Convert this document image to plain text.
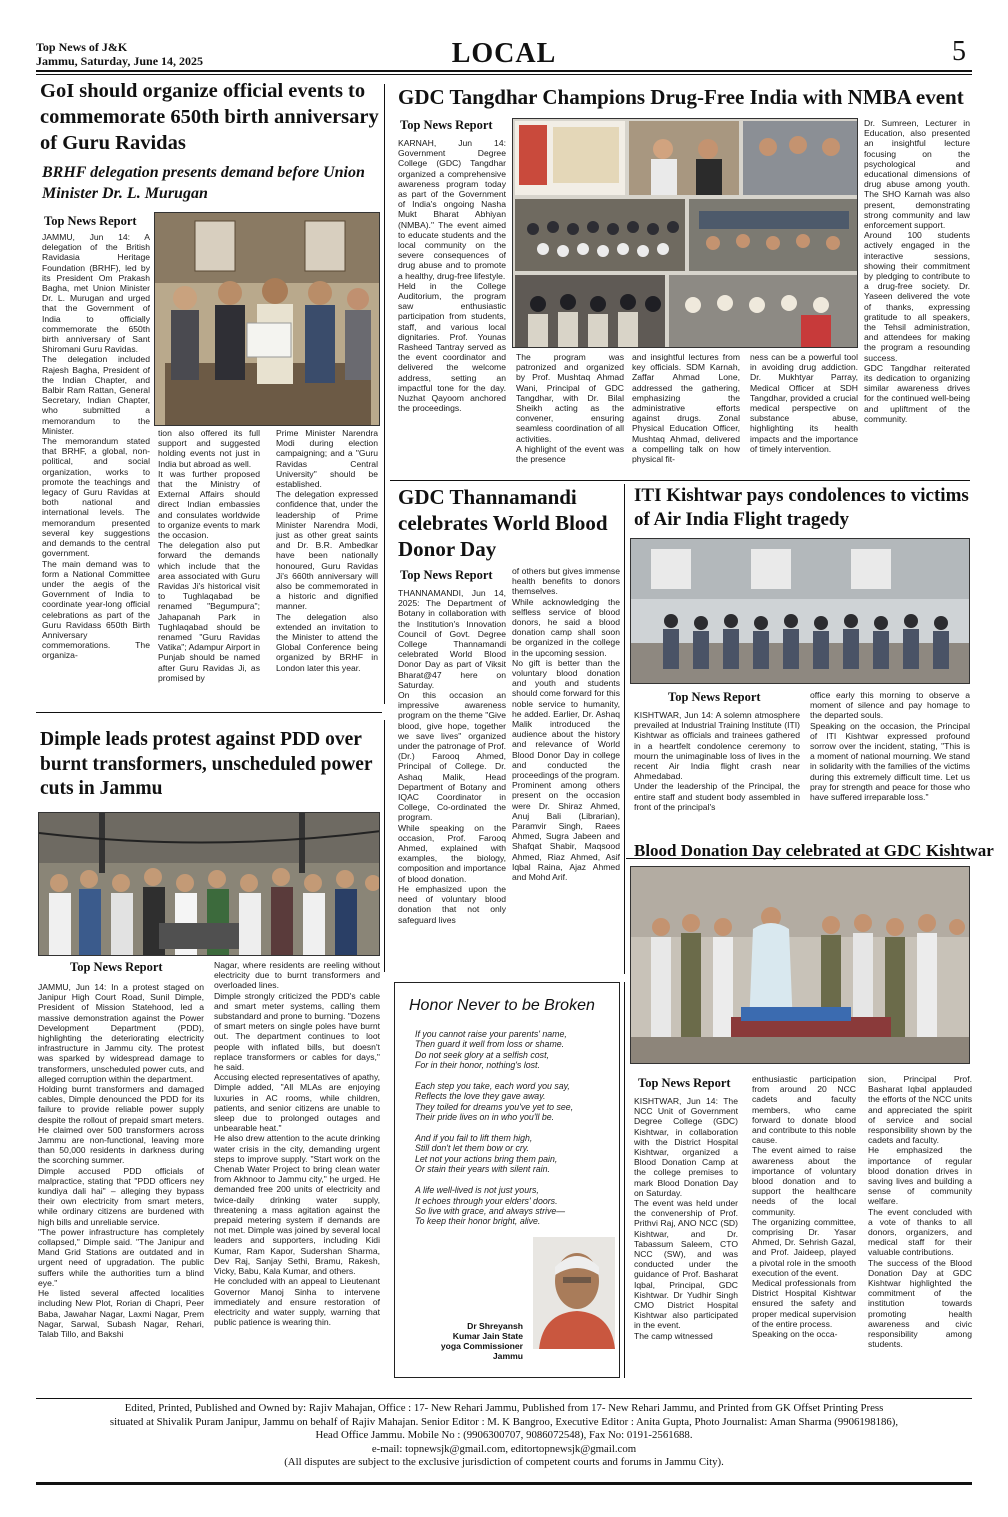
Top News of J&K
Jammu, Saturday, June 14, 2025	LOCAL	5
GoI should organize official events to commemorate 650th birth anniversary of Guru Ravidas
BRHF delegation presents demand before Union Minister Dr. L. Murugan
Top News Report
JAMMU, Jun 14: A delegation of the British Ravidasia Heritage Foundation (BRHF), led by its President Om Prakash Bagha, met Union Minister Dr. L. Murugan and urged that the Government of India to officially commemorate the 650th birth anniversary of Sant Shiromani Guru Ravidas.
The delegation included Rajesh Bagha, President of the Indian Chapter, and Balbir Ram Rattan, General Secretary, Indian Chapter, who submitted a memorandum to the Minister.
The memorandum stated that BRHF, a global, non-political, and social organization, works to promote the teachings and legacy of Guru Ravidas at both national and international levels. The memorandum presented several key suggestions and demands to the central government.
The main demand was to form a National Committee under the aegis of the Government of India to coordinate year-long official celebrations as part of the Guru Ravidass 650th Birth Anniversary commemorations. The organiza-
tion also offered its full support and suggested holding events not just in India but abroad as well.
It was further proposed that the Ministry of External Affairs should direct Indian embassies and consulates worldwide to organize events to mark the occasion.
The delegation also put forward the demands which include that the area associated with Guru Ravidas Ji's historical visit to Tughlaqabad be renamed "Begumpura"; Jahapanah Park in Tughlaqabad should be renamed "Guru Ravidas Vatika"; Adampur Airport in Punjab should be named after Guru Ravidas Ji, as promised by
Prime Minister Narendra Modi during election campaigning; and a "Guru Ravidas Central University" should be established.
The delegation expressed confidence that, under the leadership of Prime Minister Narendra Modi, just as other great saints and Dr. B.R. Ambedkar have been nationally honoured, Guru Ravidas Ji's 660th anniversary will also be commemorated in a historic and dignified manner.
The delegation also extended an invitation to the Minister to attend the Global Conference being organized by BRHF in London later this year.
GDC Tangdhar Champions Drug-Free India with NMBA event
Top News Report
KARNAH, Jun 14: Government Degree College (GDC) Tangdhar organized a comprehensive awareness program today as part of the Government of India's ongoing Nasha Mukt Bharat Abhiyan (NMBA)." The event aimed to educate students and the local community on the severe consequences of drug abuse and to promote a healthy, drug-free lifestyle.
Held in the College Auditorium, the program saw enthusiastic participation from students, staff, and various local dignitaries. Prof. Younas Rasheed Tantray served as the event coordinator and delivered the welcome address, setting an impactful tone for the day. Nuzhat Qayoom anchored the proceedings.
The program was patronized and organized by Prof. Mushtaq Ahmad Wani, Principal of GDC Tangdhar, with Dr. Bilal Sheikh acting as the convener, ensuring seamless coordination of all activities.
A highlight of the event was the presence
and insightful lectures from key officials. SDM Karnah, Zaffar Ahmad Lone, addressed the gathering, emphasizing the administrative efforts against drugs. Zonal Physical Education Officer, Mushtaq Ahmad, delivered a compelling talk on how physical fit-
ness can be a powerful tool in avoiding drug addiction. Dr. Mukhtyar Parray, Medical Officer at SDH Tangdhar, provided a crucial medical perspective on substance abuse, highlighting its health impacts and the importance of timely intervention.
Dr. Sumreen, Lecturer in Education, also presented an insightful lecture focusing on the psychological and educational dimensions of drug abuse among youth. The SHO Karnah was also present, demonstrating strong community and law enforcement support.
Around 100 students actively engaged in the interactive sessions, showing their commitment by pledging to contribute to a drug-free society. Dr. Yaseen delivered the vote of thanks, expressing gratitude to all speakers, the Tehsil administration, and attendees for making the program a resounding success.
GDC Tangdhar reiterated its dedication to organizing similar awareness drives for the continued well-being and upliftment of the community.
GDC Thannamandi celebrates World Blood Donor Day
Top News Report
THANNAMANDI, Jun 14, 2025: The Department of Botany in collaboration with the Institution's Innovation Council of Govt. Degree College Thannamandi celebrated World Blood Donor Day as part of Viksit Bharat@47 here on Saturday.
On this occasion an impressive awareness program on the theme "Give blood, give hope, together we save lives" organized under the patronage of Prof. (Dr.) Farooq Ahmed, Principal of College. Dr. Ashaq Malik, Head Department of Botany and IQAC Coordinator in College, Co-ordinated the program.
While speaking on the occasion, Prof. Farooq Ahmed, explained with examples, the biology, composition and importance of blood donation.
He emphasized upon the need of voluntary blood donation that not only safeguard lives
of others but gives immense health benefits to donors themselves.
While acknowledging the selfless service of blood donors, he said a blood donation camp shall soon be organized in the college in the upcoming session.
No gift is better than the voluntary blood donation and youth and students should come forward for this noble service to humanity, he added. Earlier, Dr. Ashaq Malik introduced the audience about the history and relevance of World Blood Donor Day in college and conducted the proceedings of the program.
Prominent among others present on the occasion were Dr. Shiraz Ahmed, Anuj Bali (Librarian), Paramvir Singh, Raees Ahmed, Sugra Jabeen and Shafqat Shabir, Maqsood Ahmed, Riaz Ahmed, Asif Iqbal Raina, Ajaz Ahmed and Mohd Arif.
ITI Kishtwar pays condolences to victims of Air India Flight tragedy
Top News Report
KISHTWAR, Jun 14: A solemn atmosphere prevailed at Industrial Training Institute (ITI) Kishtwar as officials and trainees gathered in a heartfelt condolence ceremony to mourn the unimaginable loss of lives in the recent Air India flight crash near Ahmedabad.
Under the leadership of the Principal, the entire staff and student body assembled in front of the principal's
office early this morning to observe a moment of silence and pay homage to the departed souls.
Speaking on the occasion, the Principal of ITI Kishtwar expressed profound sorrow over the incident, stating, "This is a moment of national mourning. We stand in solidarity with the families of the victims during this extremely difficult time. Let us pray for strength and peace for those who have suffered irreparable loss."
Dimple leads protest against PDD over burnt transformers, unscheduled power cuts in Jammu
Top News Report
JAMMU, Jun 14: In a protest staged on Janipur High Court Road, Sunil Dimple, President of Mission Statehood, led a massive demonstration against the Power Development Department (PDD), highlighting the deteriorating electricity infrastructure in Jammu city. The protest was sparked by widespread damage to transformers, unscheduled power cuts, and alleged corruption within the department.
Holding burnt transformers and damaged cables, Dimple denounced the PDD for its failure to provide reliable power supply despite the rollout of prepaid smart meters. He claimed over 500 transformers across Jammu are non-functional, leaving more than 50,000 residents in darkness during the scorching summer.
Dimple accused PDD officials of malpractice, stating that "PDD officers ney kundiya dali hai" – alleging they bypass their own electricity from smart meters, while ordinary citizens are burdened with high bills and unreliable service.
"The power infrastructure has completely collapsed," Dimple said. "The Janipur and Mand Grid Stations are outdated and in urgent need of upgradation. The public suffers while the authorities turn a blind eye."
He listed several affected localities including New Plot, Rorian di Chapri, Peer Baba, Jawahar Nagar, Laxmi Nagar, Prem Nagar, Sarwal, Subash Nagar, Rehari, Talab Tillo, and Bakshi
Nagar, where residents are reeling without electricity due to burnt transformers and overloaded lines.
Dimple strongly criticized the PDD's cable and smart meter systems, calling them substandard and prone to burning. "Dozens of smart meters on single poles have burnt out. The department continues to loot people with inflated bills, but doesn't replace transformers or cables for days," he said.
Accusing elected representatives of apathy, Dimple added, "All MLAs are enjoying luxuries in AC rooms, while children, patients, and senior citizens are unable to sleep due to prolonged outages and unbearable heat."
He also drew attention to the acute drinking water crisis in the city, demanding urgent steps to improve supply. "Start work on the Chenab Water Project to bring clean water from Akhnoor to Jammu city," he urged. He demanded free 200 units of electricity and twice-daily drinking water supply, threatening a mass agitation against the prepaid metering system if demands are not met. Dimple was joined by several local leaders and supporters, including Kidi Kumar, Ram Kapor, Sudershan Sharma, Dev Raj, Sanjay Sethi, Bramu, Rakesh, Vicky, Babu, Kala Kumar, and others.
He concluded with an appeal to Lieutenant Governor Manoj Sinha to intervene immediately and ensure restoration of electricity and water supply, warning that public patience is wearing thin.
Honor Never to be Broken
If you cannot raise your parents' name,
Then guard it well from loss or shame.
Do not seek glory at a selfish cost,
For in their honor, nothing's lost.

Each step you take, each word you say,
Reflects the love they gave away.
They toiled for dreams you've yet to see,
Their pride lives on in who you'll be.

And if you fail to lift them high,
Still don't let them bow or cry.
Let not your actions bring them pain,
Or stain their years with silent rain.

A life well-lived is not just yours,
It echoes through your elders' doors.
So live with grace, and always strive—
To keep their honor bright, alive.
Dr Shreyansh
Kumar Jain State
yoga Commissioner
Jammu
Blood Donation Day celebrated at GDC Kishtwar
Top News Report
KISHTWAR, Jun 14: The NCC Unit of Government Degree College (GDC) Kishtwar, in collaboration with the District Hospital Kishtwar, organized a Blood Donation Camp at the college premises to mark Blood Donation Day on Saturday.
The event was held under the convenership of Prof. Prithvi Raj, ANO NCC (SD) Kishtwar, and Dr. Tabassum Saleem, CTO NCC (SW), and was conducted under the guidance of Prof. Basharat Iqbal, Principal, GDC Kishtwar. Dr Yudhir Singh CMO District Hospital Kishtwar also participated in the event.
The camp witnessed
enthusiastic participation from around 20 NCC cadets and faculty members, who came forward to donate blood and contribute to this noble cause.
The event aimed to raise awareness about the importance of voluntary blood donation and to support the healthcare needs of the local community.
The organizing committee, comprising Dr. Yasar Ahmed, Dr. Sehrish Gazal, and Prof. Jaideep, played a pivotal role in the smooth execution of the event.
Medical professionals from District Hospital Kishtwar ensured the safety and proper medical supervision of the entire process.
Speaking on the occa-
sion, Principal Prof. Basharat Iqbal applauded the efforts of the NCC units and appreciated the spirit of service and social responsibility shown by the cadets and faculty.
He emphasized the importance of regular blood donation drives in saving lives and building a sense of community welfare.
The event concluded with a vote of thanks to all donors, organizers, and medical staff for their valuable contributions.
The success of the Blood Donation Day at GDC Kishtwar highlighted the commitment of the institution towards promoting health awareness and civic responsibility among students.
Edited, Printed, Published and Owned by: Rajiv Mahajan, Office : 17- New Rehari Jammu, Published from 17- New Rehari Jammu, and Printed from GK Offset Printing Press
situated at Shivalik Puram Janipur, Jammu on behalf of Rajiv Mahajan. Senior Editor : M. K Bangroo, Executive Editor : Anita Gupta, Photo Journalist: Aman Sharma (9906198186),
Head Office Jammu. Mobile No : (9906300707, 9086072548), Fax No: 0191-2561688.
e-mail: topnewsjk@gmail.com, editortopnewsjk@gmail.com
(All disputes are subject to the exclusive jurisdiction of competent courts and forums in Jammu City).
